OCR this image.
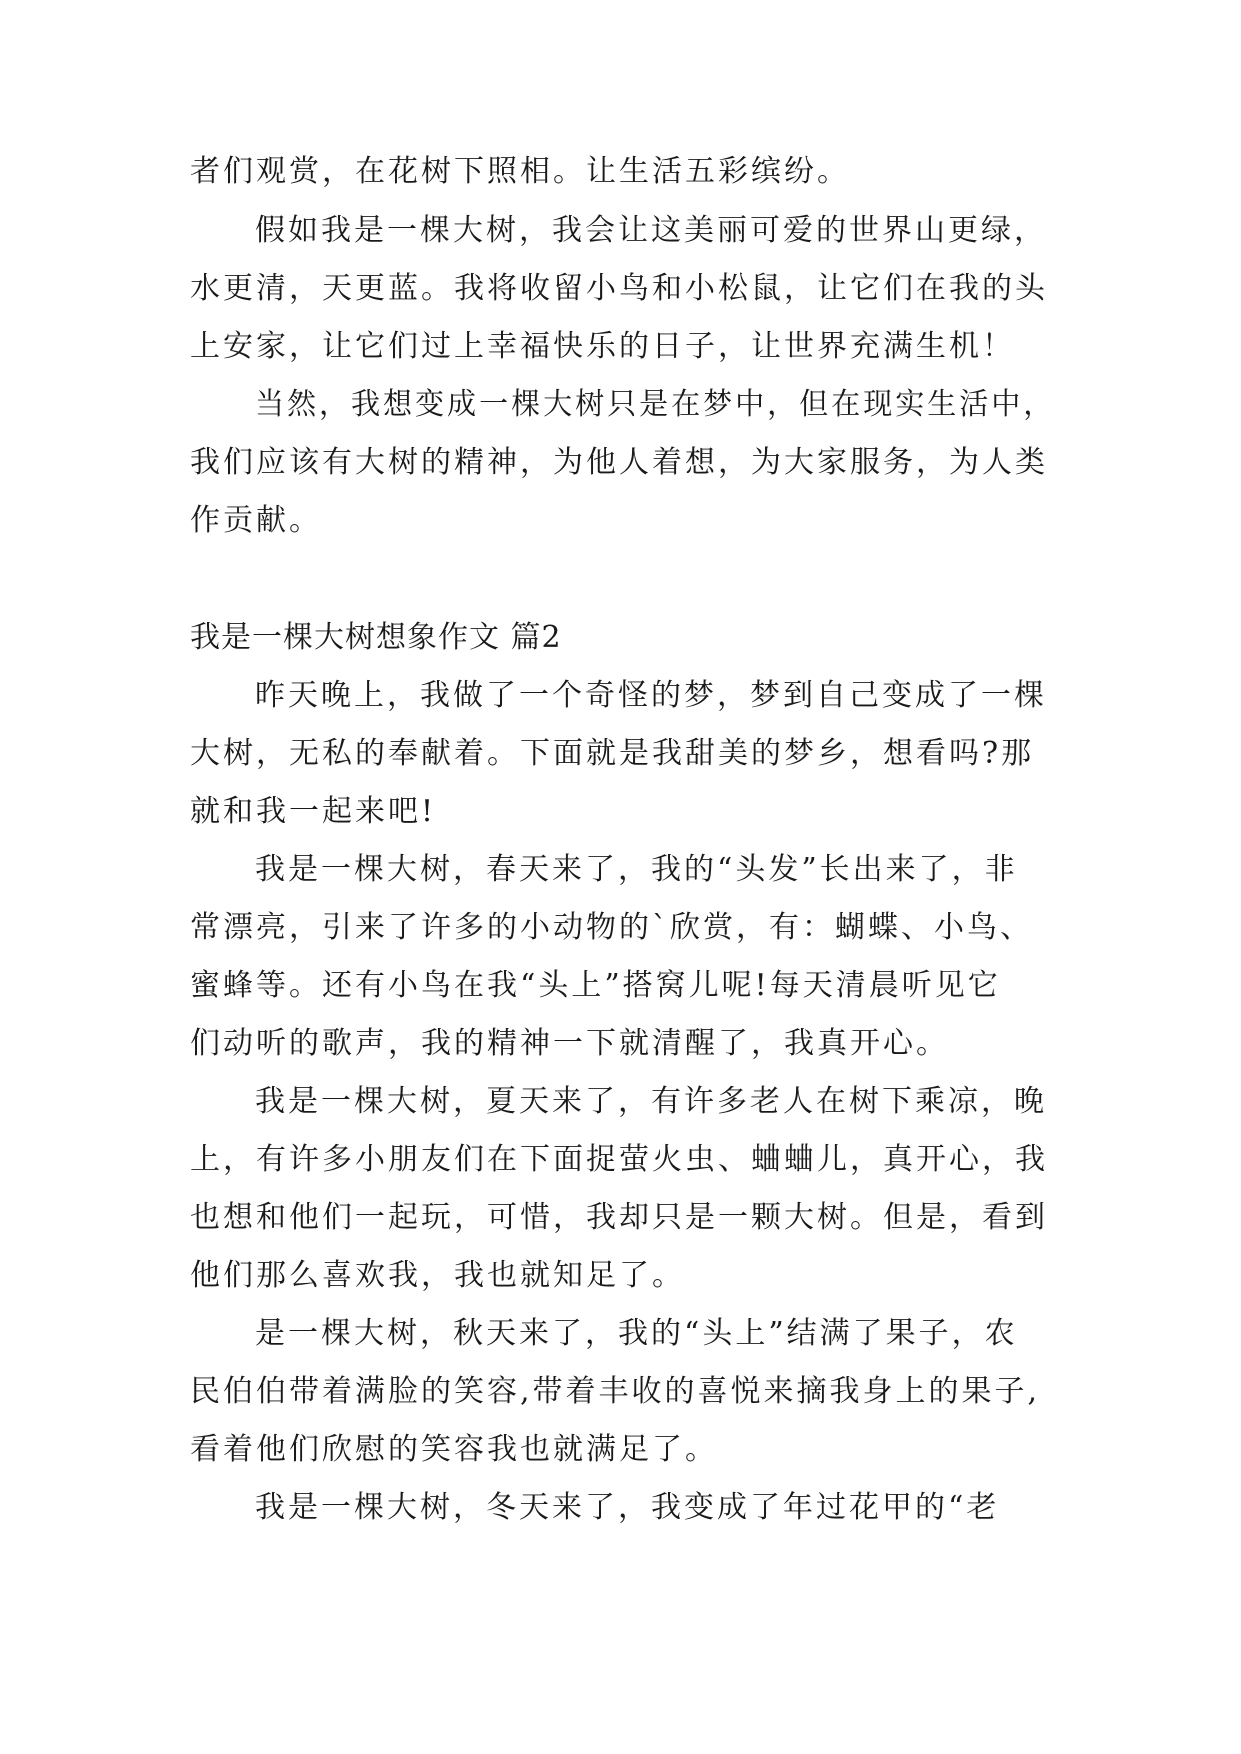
者们观赏，在花树下照相。让生活五彩缤纷。
假如我是一棵大树，我会让这美丽可爱的世界山更绿，
水更清，天更蓝。我将收留小鸟和小松鼠，让它们在我的头
上安家，让它们过上幸福快乐的日子，让世界充满生机！
当然，我想变成一棵大树只是在梦中，但在现实生活中，
我们应该有大树的精神，为他人着想，为大家服务，为人类
作贡献。
我是一棵大树想象作文 篇2
昨天晚上，我做了一个奇怪的梦，梦到自己变成了一棵
大树，无私的奉献着。下面就是我甜美的梦乡，想看吗?那
就和我一起来吧!
我是一棵大树，春天来了，我的“头发”长出来了，非
常漂亮，引来了许多的小动物的`欣赏，有：蝴蝶、小鸟、
蜜蜂等。还有小鸟在我“头上”搭窝儿呢!每天清晨听见它
们动听的歌声，我的精神一下就清醒了，我真开心。
我是一棵大树，夏天来了，有许多老人在树下乘凉，晚
上，有许多小朋友们在下面捉萤火虫、蛐蛐儿，真开心，我
也想和他们一起玩，可惜，我却只是一颗大树。但是，看到
他们那么喜欢我，我也就知足了。
是一棵大树，秋天来了，我的“头上”结满了果子，农
民伯伯带着满脸的笑容,带着丰收的喜悦来摘我身上的果子,
看着他们欣慰的笑容我也就满足了。
我是一棵大树，冬天来了，我变成了年过花甲的“老
